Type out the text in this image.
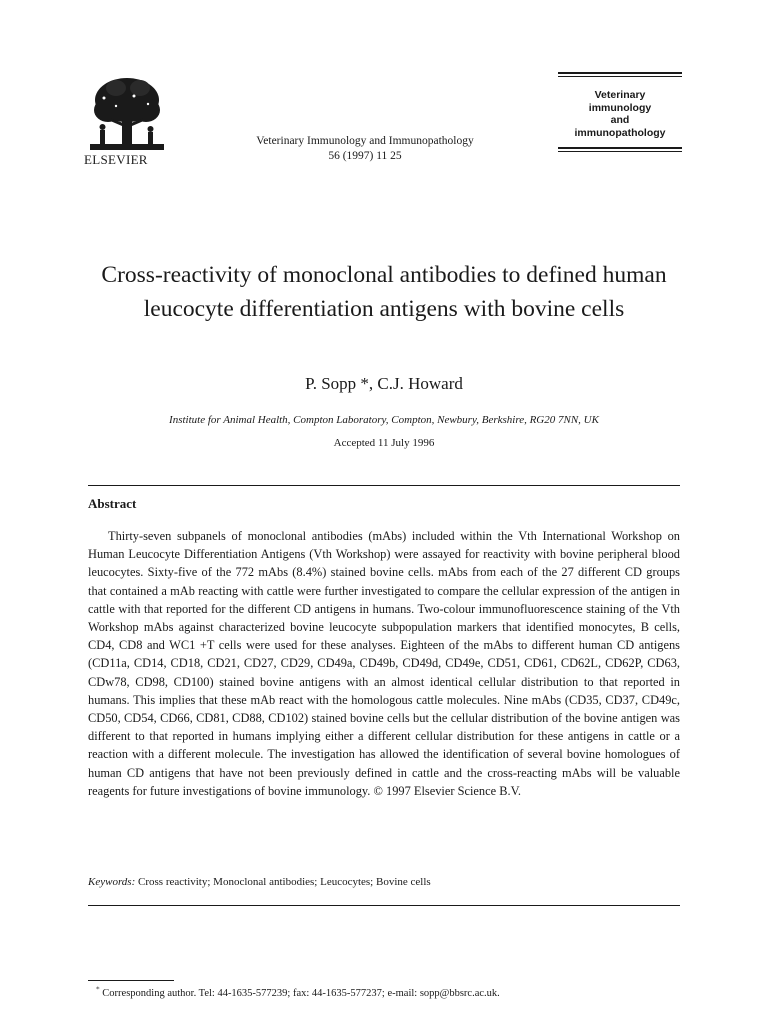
ELSEVIER
Veterinary Immunology and Immunopathology
56 (1997) 11 25
Veterinary
immunology
and
immunopathology
Cross-reactivity of monoclonal antibodies to defined human leucocyte differentiation antigens with bovine cells
P. Sopp *, C.J. Howard
Institute for Animal Health, Compton Laboratory, Compton, Newbury, Berkshire, RG20 7NN, UK
Accepted 11 July 1996
Abstract

Thirty-seven subpanels of monoclonal antibodies (mAbs) included within the Vth International Workshop on Human Leucocyte Differentiation Antigens (Vth Workshop) were assayed for reactivity with bovine peripheral blood leucocytes. Sixty-five of the 772 mAbs (8.4%) stained bovine cells. mAbs from each of the 27 different CD groups that contained a mAb reacting with cattle were further investigated to compare the cellular expression of the antigen in cattle with that reported for the different CD antigens in humans. Two-colour immunofluorescence staining of the Vth Workshop mAbs against characterized bovine leucocyte subpopulation markers that identified monocytes, B cells, CD4, CD8 and WC1 +T cells were used for these analyses. Eighteen of the mAbs to different human CD antigens (CD11a, CD14, CD18, CD21, CD27, CD29, CD49a, CD49b, CD49d, CD49e, CD51, CD61, CD62L, CD62P, CD63, CDw78, CD98, CD100) stained bovine antigens with an almost identical cellular distribution to that reported in humans. This implies that these mAb react with the homologous cattle molecules. Nine mAbs (CD35, CD37, CD49c, CD50, CD54, CD66, CD81, CD88, CD102) stained bovine cells but the cellular distribution of the bovine antigen was different to that reported in humans implying either a different cellular distribution for these antigens in cattle or a reaction with a different molecule. The investigation has allowed the identification of several bovine homologues of human CD antigens that have not been previously defined in cattle and the cross-reacting mAbs will be valuable reagents for future investigations of bovine immunology. © 1997 Elsevier Science B.V.

Keywords: Cross reactivity; Monoclonal antibodies; Leucocytes; Bovine cells
* Corresponding author. Tel: 44-1635-577239; fax: 44-1635-577237; e-mail: sopp@bbsrc.ac.uk.
